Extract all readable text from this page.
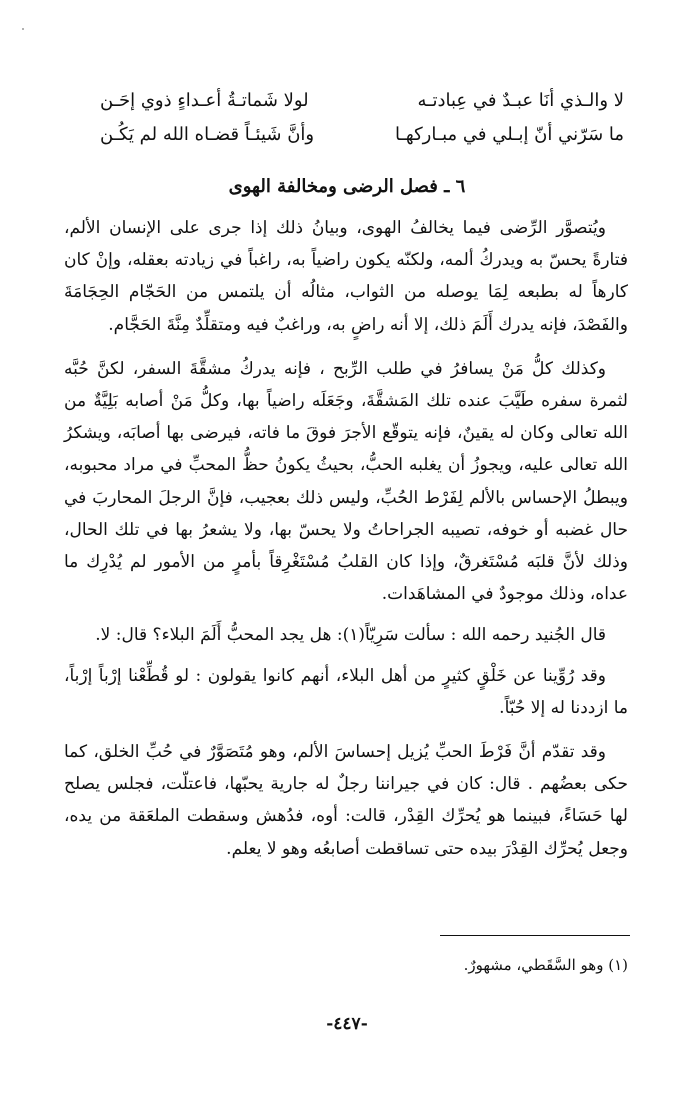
لا والـذي أنَا عبـدٌ في عِبادتـه
لولا شَماتـةُ أعـداءٍ ذوي إحَـن
ما سَرّني أنّ إبـلي في مبـاركهـا
وأنَّ شَيئـاً قضـاه الله لم يَكُـن
٦ ـ فصل الرضى ومخالفة الهوى

ويُتصوَّر الرِّضى فيما يخالفُ الهوى، وبيانُ ذلك إذا جرى على الإنسان الألم، فتارةً يحسّ به ويدركُ ألمه، ولكنّه يكون راضياً به، راغباً في زيادته بعقله، وإنْ كان كارهاً له بطبعه لِمَا يوصله من الثواب، مثالُه أن يلتمس من الحَجّام الحِجَامَةَ والفَصْدَ، فإنه يدرك أَلَمَ ذلك، إلا أنه راضٍ به، وراغبٌ فيه ومتقلِّدٌ مِنَّةَ الحَجَّام.

وكذلك كلُّ مَنْ يسافرُ في طلب الرِّبح ، فإنه يدركُ مشقَّةَ السفر، لكنَّ حُبَّه لثمرة سفره طَيَّبَ عنده تلك المَشقَّةَ، وجَعَلَه راضياً بها، وكلُّ مَنْ أصابه بَلِيَّةٌ من الله تعالى وكان له يقينٌ، فإنه يتوقّع الأجرَ فوقَ ما فاته، فيرضى بها أصابَه، ويشكرُ الله تعالى عليه، ويجوزُ أن يغلبه الحبُّ، بحيثُ يكونُ حظُّ المحبِّ في مراد محبوبه، ويبطلُ الإحساس بالألم لِفَرْط الحُبِّ، وليس ذلك بعجيب، فإنَّ الرجلَ المحاربَ في حال غضبه أو خوفه، تصيبه الجراحاتُ ولا يحسّ بها، ولا يشعرُ بها في تلك الحال، وذلك لأنَّ قلبَه مُسْتَغرقٌ، وإذا كان القلبُ مُسْتَغْرِقاً بأمرٍ من الأمور لم يُدْرِك ما عداه، وذلك موجودٌ في المشاهَدات.

قال الجُنيد رحمه الله : سألت سَرِيّاً(١): هل يجد المحبُّ أَلَمَ البلاء؟ قال: لا.

وقد رُوِّينا عن خَلْقٍ كثيرٍ من أهل البلاء، أنهم كانوا يقولون : لو قُطِّعْنا إرْباً إرْباً، ما ازددنا له إلا حُبّاً.

وقد تقدّم أنَّ فَرْطَ الحبِّ يُزيل إحساسَ الألم، وهو مُتَصَوَّرٌ في حُبِّ الخلق، كما حكى بعضُهم . قال: كان في جيراننا رجلٌ له جارية يحبّها، فاعتلّت، فجلس يصلح لها حَسَاءً، فبينما هو يُحرِّك القِدْر، قالت: أوه، فدُهش وسقطت الملعَقة من يده، وجعل يُحرِّك القِدْرَ بيده حتى تساقطت أصابعُه وهو لا يعلم.

(١) وهو السَّقَطي، مشهورٌ.
-٤٤٧-
